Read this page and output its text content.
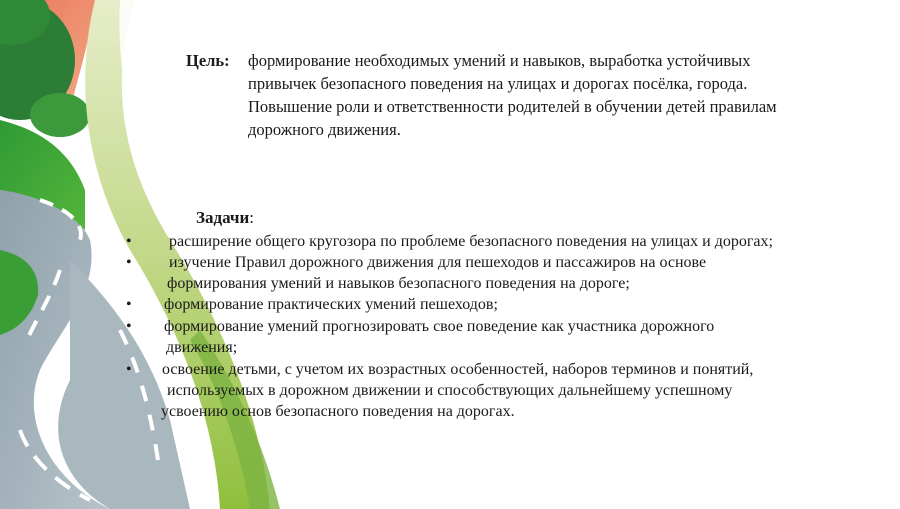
Цель: формирование необходимых умений и навыков, выработка устойчивых
привычек безопасного поведения на улицах и дорогах посёлка, города.
Повышение роли и ответственности родителей в обучении детей правилам
дорожного движения.
Задачи:
• расширение общего кругозора по проблеме безопасного поведения на улицах и дорогах;
• изучение Правил дорожного движения для пешеходов и пассажиров на основе
формирования умений и навыков безопасного поведения на дороге;
• формирование практических умений пешеходов;
• формирование умений прогнозировать свое поведение как участника дорожного
движения;
• освоение детьми, с учетом их возрастных особенностей, наборов терминов и понятий,
используемых в дорожном движении и способствующих дальнейшему успешному
усвоению основ безопасного поведения на дорогах.
